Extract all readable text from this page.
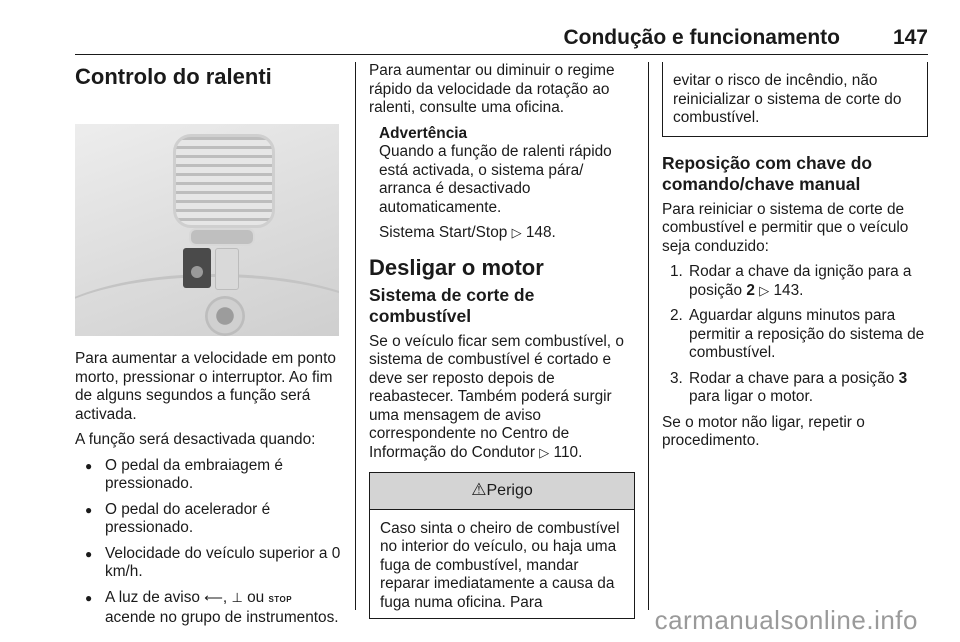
Condução e funcionamento	147
Controlo do ralenti

Para aumentar a velocidade em ponto morto, pressionar o interruptor. Ao fim de alguns segundos a função será activada.

A função será desactivada quando:

● O pedal da embraiagem é pressionado.
● O pedal do acelerador é pressionado.
● Velocidade do veículo superior a 0 km/h.
● A luz de aviso ⟵, ⊥ ou STOP acende no grupo de instrumentos.

Para aumentar ou diminuir o regime rápido da velocidade da rotação ao ralenti, consulte uma oficina.

Advertência

Quando a função de ralenti rápido está activada, o sistema pára/ arranca é desactivado automaticamente.

Sistema Start/Stop ▷ 148.

Desligar o motor
Sistema de corte de combustível

Se o veículo ficar sem combustível, o sistema de combustível é cortado e deve ser reposto depois de reabastecer. Também poderá surgir uma mensagem de aviso correspondente no Centro de Informação do Condutor ▷ 110.

⚠Perigo
Caso sinta o cheiro de combustível no interior do veículo, ou haja uma fuga de combustível, mandar reparar imediatamente a causa da fuga numa oficina. Para
evitar o risco de incêndio, não reinicializar o sistema de corte do combustível.
Reposição com chave do comando/chave manual

Para reiniciar o sistema de corte de combustível e permitir que o veículo seja conduzido:

1. Rodar a chave da ignição para a posição 2 ▷ 143.
2. Aguardar alguns minutos para permitir a reposição do sistema de combustível.
3. Rodar a chave para a posição 3 para ligar o motor.

Se o motor não ligar, repetir o procedimento.

carmanualsonline.info
